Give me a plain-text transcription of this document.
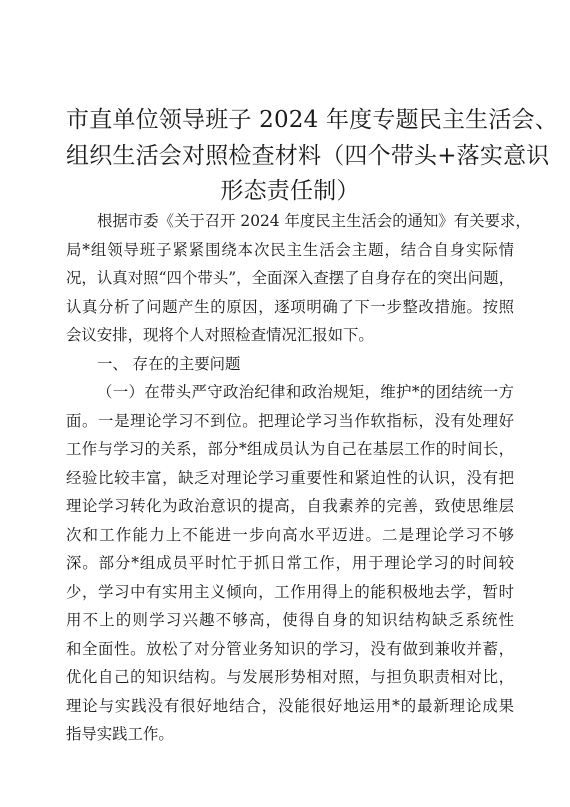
市直单位领导班子 2024 年度专题民主生活会、
组织生活会对照检查材料（四个带头+落实意识
形态责任制）
根据市委《关于召开 2024 年度民主生活会的通知》有关要求，
局*组领导班子紧紧围绕本次民主生活会主题，结合自身实际情
况，认真对照“四个带头”，全面深入查摆了自身存在的突出问题，
认真分析了问题产生的原因，逐项明确了下一步整改措施。按照
会议安排，现将个人对照检查情况汇报如下。
一、 存在的主要问题
（一）在带头严守政治纪律和政治规矩，维护*的团结统一方
面。一是理论学习不到位。把理论学习当作软指标，没有处理好
工作与学习的关系，部分*组成员认为自己在基层工作的时间长，
经验比较丰富，缺乏对理论学习重要性和紧迫性的认识，没有把
理论学习转化为政治意识的提高，自我素养的完善，致使思维层
次和工作能力上不能进一步向高水平迈进。二是理论学习不够
深。部分*组成员平时忙于抓日常工作，用于理论学习的时间较
少，学习中有实用主义倾向，工作用得上的能积极地去学，暂时
用不上的则学习兴趣不够高，使得自身的知识结构缺乏系统性
和全面性。放松了对分管业务知识的学习，没有做到兼收并蓄，
优化自己的知识结构。与发展形势相对照，与担负职责相对比，
理论与实践没有很好地结合，没能很好地运用*的最新理论成果
指导实践工作。
